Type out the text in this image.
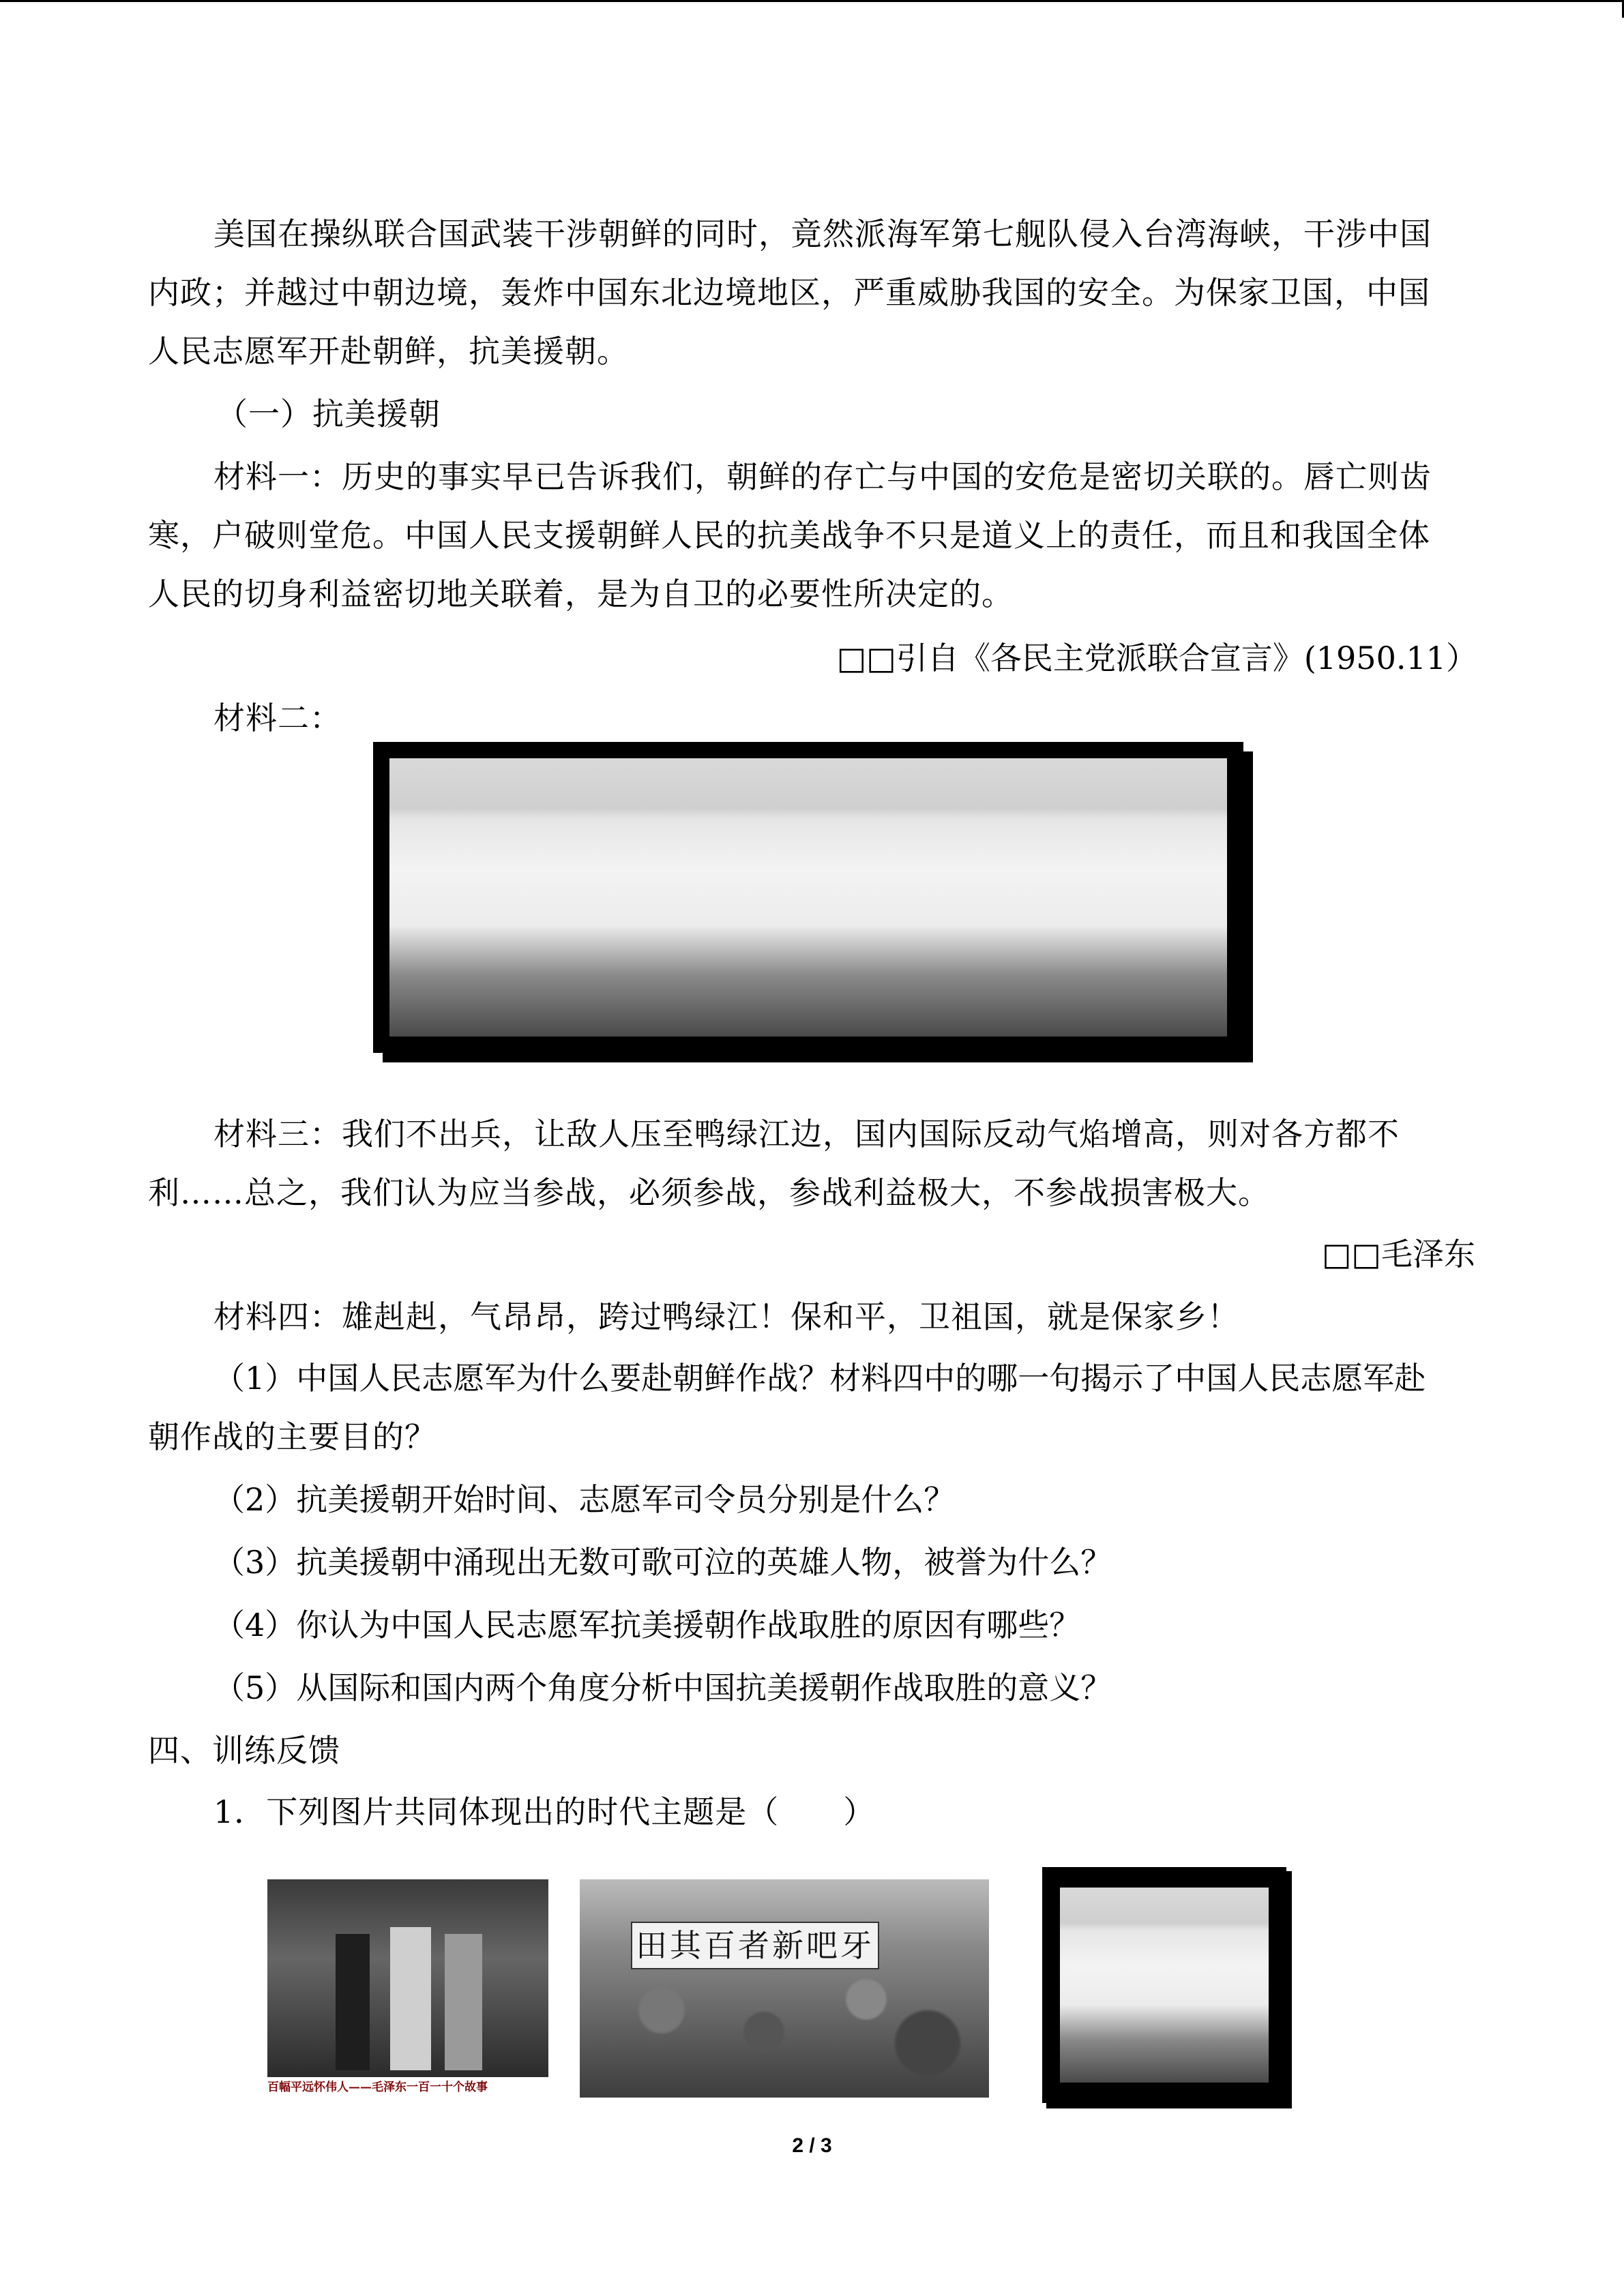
美国在操纵联合国武装干涉朝鲜的同时，竟然派海军第七舰队侵入台湾海峡，干涉中国
内政；并越过中朝边境，轰炸中国东北边境地区，严重威胁我国的安全。为保家卫国，中国
人民志愿军开赴朝鲜，抗美援朝。
（一）抗美援朝
材料一：历史的事实早已告诉我们，朝鲜的存亡与中国的安危是密切关联的。唇亡则齿
寒，户破则堂危。中国人民支援朝鲜人民的抗美战争不只是道义上的责任，而且和我国全体
人民的切身利益密切地关联着，是为自卫的必要性所决定的。
□□引自《各民主党派联合宣言》(1950.11）
材料二：
材料三：我们不出兵，让敌人压至鸭绿江边，国内国际反动气焰增高，则对各方都不
利……总之，我们认为应当参战，必须参战，参战利益极大，不参战损害极大。
□□毛泽东
材料四：雄赳赳，气昂昂，跨过鸭绿江！保和平，卫祖国，就是保家乡！
（1）中国人民志愿军为什么要赴朝鲜作战？材料四中的哪一句揭示了中国人民志愿军赴
朝作战的主要目的？
（2）抗美援朝开始时间、志愿军司令员分别是什么？
（3）抗美援朝中涌现出无数可歌可泣的英雄人物，被誉为什么？
（4）你认为中国人民志愿军抗美援朝作战取胜的原因有哪些？
（5）从国际和国内两个角度分析中国抗美援朝作战取胜的意义？
四、训练反馈
1．下列图片共同体现出的时代主题是（　　）
百幅平远怀伟人——毛泽东一百一十个故事
田其百者新吧牙
2 / 3
